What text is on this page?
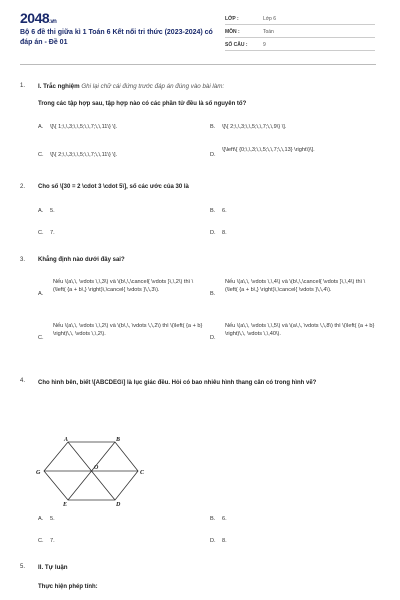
2048.vn
Bộ 6 đề thi giữa kì 1 Toán 6 Kết nối tri thức (2023-2024) có đáp án - Đề 01
LỚP :	Lớp 6
MÔN :	Toán
SỐ CÂU :	9
1. I. Trắc nghiệm Ghi lại chữ cái đứng trước đáp án đúng vào bài làm:
Trong các tập hợp sau, tập hợp nào có các phần tử đều là số nguyên tố?
A. \[\{ 1;\,\,3;\,\,5;\,\,7;\,\,11\} \].	B. \[\{ 2;\,\,3;\,\,5;\,\,7;\,\,9\} \].
C. \[\{ 2;\,\,3;\,\,5;\,\,7;\,\,11\} \].	D.
\[\left\{ {0;\,\,3;\,\,5;\,\,7;\,\,13} \right\}\].
2. Cho số \[30 = 2 \cdot 3 \cdot 5\], số các ước của 30 là
A. 5.	B. 6.
C. 7.	D. 8.
3. Khẳng định nào dưới đây sai?
A.
Nếu \(a\,\, \vdots \,\,3\) và \(b\,\,\cancel{ \vdots }\,\,2\) thì \(\left( {a + b\,} \right)\,\cancel{ \vdots }\,\,3\).
B.
Nếu \(a\,\, \vdots \,\,4\) và \(b\,\,\cancel{ \vdots }\,\,4\) thì \(\left( {a + b\,} \right)\,\cancel{ \vdots }\,\,4\).
C.
Nếu \(a\,\, \vdots \,\,2\) và \(b\,\, \vdots \,\,2\) thì \(\left( {a + b} \right)\,\, \vdots \,\,2\).
D.
Nếu \(a\,\, \vdots \,\,5\) và \(a\,\, \vdots \,\,8\) thì \(\left( {a + b} \right)\,\, \vdots \,\,40\).
4. Cho hình bên, biết \[ABCDEG\] là lục giác đều. Hỏi có bao nhiêu hình thang cân có trong hình vẽ?
A	B
C
D
E
G
O
A. 5.	B. 6.
C. 7.	D. 8.
5. II. Tự luận
Thực hiện phép tính:
